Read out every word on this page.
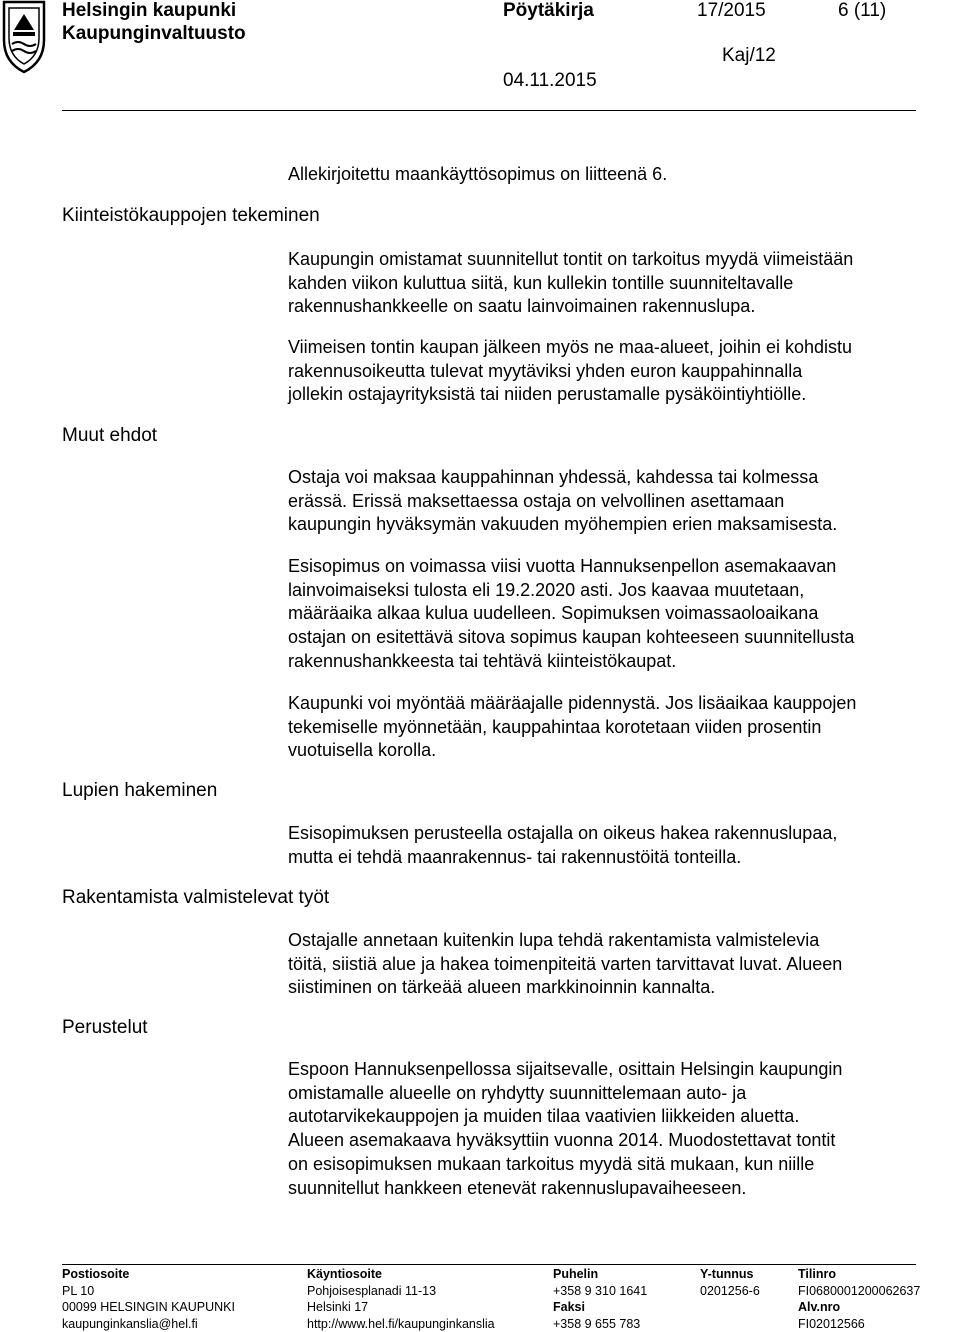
Helsingin kaupunki
Kaupunginvaltuusto
Pöytäkirja	17/2015	6 (11)
Kaj/12
04.11.2015
Kiinteistökauppojen tekeminen
Muut ehdot
Lupien hakeminen
Rakentamista valmistelevat työt
Perustelut
Allekirjoitettu maankäyttösopimus on liitteenä 6.
Kaupungin omistamat suunnitellut tontit on tarkoitus myydä viimeistään
kahden viikon kuluttua siitä, kun kullekin tontille suunniteltavalle
rakennushankkeelle on saatu lainvoimainen rakennuslupa.
Viimeisen tontin kaupan jälkeen myös ne maa-alueet, joihin ei kohdistu
rakennusoikeutta tulevat myytäviksi yhden euron kauppahinnalla
jollekin ostajayrityksistä tai niiden perustamalle pysäköintiyhtiölle.
Ostaja voi maksaa kauppahinnan yhdessä, kahdessa tai kolmessa
erässä. Erissä maksettaessa ostaja on velvollinen asettamaan
kaupungin hyväksymän vakuuden myöhempien erien maksamisesta.
Esisopimus on voimassa viisi vuotta Hannuksenpellon asemakaavan
lainvoimaiseksi tulosta eli 19.2.2020 asti. Jos kaavaa muutetaan,
määräaika alkaa kulua uudelleen. Sopimuksen voimassaoloaikana
ostajan on esitettävä sitova sopimus kaupan kohteeseen suunnitellusta
rakennushankkeesta tai tehtävä kiinteistökaupat.
Kaupunki voi myöntää määräajalle pidennystä. Jos lisäaikaa kauppojen
tekemiselle myönnetään, kauppahintaa korotetaan viiden prosentin
vuotuisella korolla.
Esisopimuksen perusteella ostajalla on oikeus hakea rakennuslupaa,
mutta ei tehdä maanrakennus- tai rakennustöitä tonteilla.
Ostajalle annetaan kuitenkin lupa tehdä rakentamista valmistelevia
töitä, siistiä alue ja hakea toimenpiteitä varten tarvittavat luvat. Alueen
siistiminen on tärkeää alueen markkinoinnin kannalta.
Espoon Hannuksenpellossa sijaitsevalle, osittain Helsingin kaupungin
omistamalle alueelle on ryhdytty suunnittelemaan auto- ja
autotarvikekauppojen ja muiden tilaa vaativien liikkeiden aluetta.
Alueen asemakaava hyväksyttiin vuonna 2014. Muodostettavat tontit
on esisopimuksen mukaan tarkoitus myydä sitä mukaan, kun niille
suunnitellut hankkeen etenevät rakennuslupavaiheeseen.
Postiosoite
PL 10
00099 HELSINGIN KAUPUNKI
kaupunginkanslia@hel.fi
Käyntiosoite
Pohjoisesplanadi 11-13
Helsinki 17
http://www.hel.fi/kaupunginkanslia
Puhelin
+358 9 310 1641
Faksi
+358 9 655 783
Y-tunnus
0201256-6
Tilinro
FI0680001200062637
Alv.nro
FI02012566
